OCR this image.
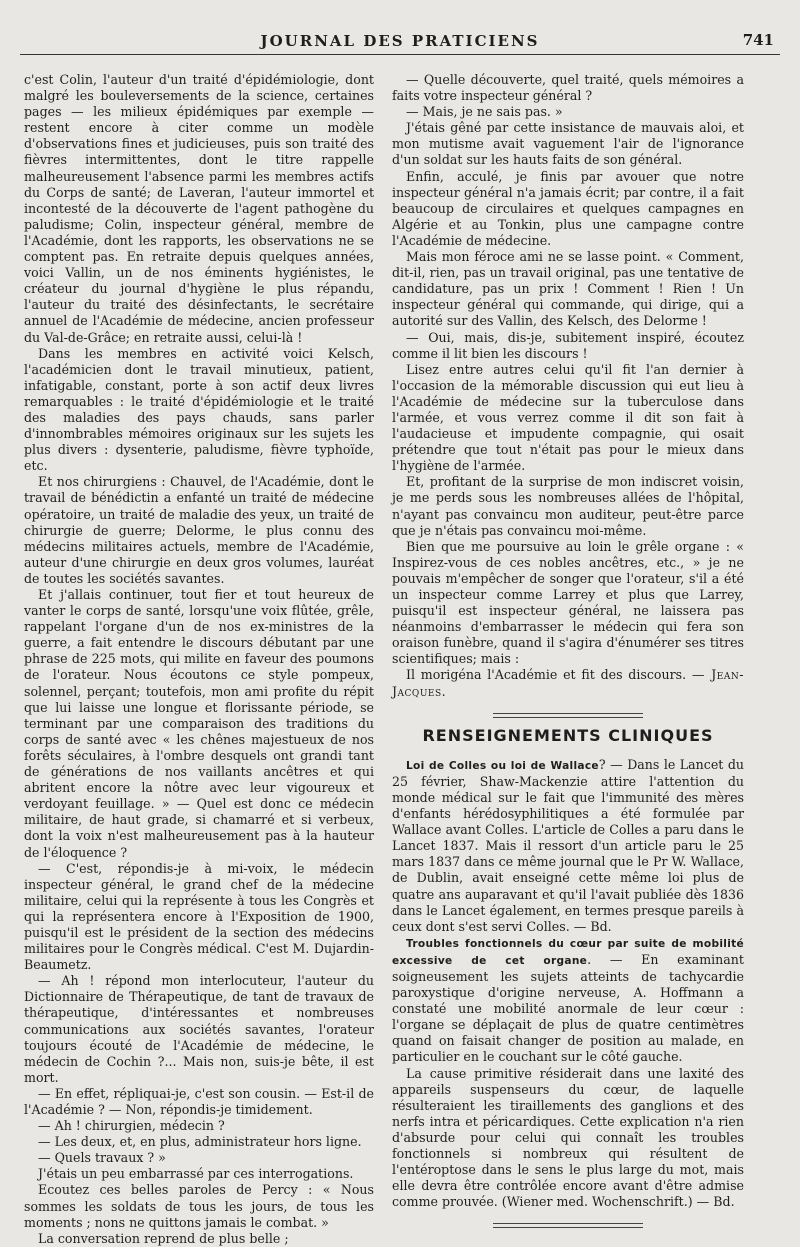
JOURNAL DES PRATICIENS	741

c'est Colin, l'auteur d'un traité d'épidémiologie, dont malgré les bouleversements de la science, certaines pages — les milieux épidémiques par exemple — restent encore à citer comme un modèle d'observations fines et judicieuses, puis son traité des fièvres intermittentes, dont le titre rappelle malheureusement l'absence parmi les membres actifs du Corps de santé; de Laveran, l'auteur immortel et incontesté de la découverte de l'agent pathogène du paludisme; Colin, inspecteur général, membre de l'Académie, dont les rapports, les observations ne se comptent pas. En retraite depuis quelques années, voici Vallin, un de nos éminents hygiénistes, le créateur du journal d'hygiène le plus répandu, l'auteur du traité des désinfectants, le secrétaire annuel de l'Académie de médecine, ancien professeur du Val-de-Grâce; en retraite aussi, celui-là !

Dans les membres en activité voici Kelsch, l'académicien dont le travail minutieux, patient, infatigable, constant, porte à son actif deux livres remarquables : le traité d'épidémiologie et le traité des maladies des pays chauds, sans parler d'innombrables mémoires originaux sur les sujets les plus divers : dysenterie, paludisme, fièvre typhoïde, etc.

Et nos chirurgiens : Chauvel, de l'Académie, dont le travail de bénédictin a enfanté un traité de médecine opératoire, un traité de maladie des yeux, un traité de chirurgie de guerre; Delorme, le plus connu des médecins militaires actuels, membre de l'Académie, auteur d'une chirurgie en deux gros volumes, lauréat de toutes les sociétés savantes.

Et j'allais continuer, tout fier et tout heureux de vanter le corps de santé, lorsqu'une voix flûtée, grêle, rappelant l'organe d'un de nos ex-ministres de la guerre, a fait entendre le discours débutant par une phrase de 225 mots, qui milite en faveur des poumons de l'orateur. Nous écoutons ce style pompeux, solennel, perçant; toutefois, mon ami profite du répit que lui laisse une longue et florissante période, se terminant par une comparaison des traditions du corps de santé avec « les chênes majestueux de nos forêts séculaires, à l'ombre desquels ont grandi tant de générations de nos vaillants ancêtres et qui abritent encore la nôtre avec leur vigoureux et verdoyant feuillage. » — Quel est donc ce médecin militaire, de haut grade, si chamarré et si verbeux, dont la voix n'est malheureusement pas à la hauteur de l'éloquence ?

— C'est, répondis-je à mi-voix, le médecin inspecteur général, le grand chef de la médecine militaire, celui qui la représente à tous les Congrès et qui la représentera encore à l'Exposition de 1900, puisqu'il est le président de la section des médecins militaires pour le Congrès médical. C'est M. Dujardin-Beaumetz.

— Ah ! répond mon interlocuteur, l'auteur du Dictionnaire de Thérapeutique, de tant de travaux de thérapeutique, d'intéressantes et nombreuses communications aux sociétés savantes, l'orateur toujours écouté de l'Académie de médecine, le médecin de Cochin ?... Mais non, suis-je bête, il est mort.

— En effet, répliquai-je, c'est son cousin. — Est-il de l'Académie ? — Non, répondis-je timidement.

— Ah ! chirurgien, médecin ?

— Les deux, et, en plus, administrateur hors ligne.

— Quels travaux ? »

J'étais un peu embarrassé par ces interrogations.

Ecoutez ces belles paroles de Percy : « Nous sommes les soldats de tous les jours, de tous les moments ; nons ne quittons jamais le combat. »

La conversation reprend de plus belle ;

— Quelle découverte, quel traité, quels mémoires a faits votre inspecteur général ?

— Mais, je ne sais pas. »

J'étais gêné par cette insistance de mauvais aloi, et mon mutisme avait vaguement l'air de l'ignorance d'un soldat sur les hauts faits de son général.

Enfin, acculé, je finis par avouer que notre inspecteur général n'a jamais écrit; par contre, il a fait beaucoup de circulaires et quelques campagnes en Algérie et au Tonkin, plus une campagne contre l'Académie de médecine.

Mais mon féroce ami ne se lasse point. « Comment, dit-il, rien, pas un travail original, pas une tentative de candidature, pas un prix ! Comment ! Rien ! Un inspecteur général qui commande, qui dirige, qui a autorité sur des Vallin, des Kelsch, des Delorme !

— Oui, mais, dis-je, subitement inspiré, écoutez comme il lit bien les discours !

Lisez entre autres celui qu'il fit l'an dernier à l'occasion de la mémorable discussion qui eut lieu à l'Académie de médecine sur la tuberculose dans l'armée, et vous verrez comme il dit son fait à l'audacieuse et impudente compagnie, qui osait prétendre que tout n'était pas pour le mieux dans l'hygiène de l'armée.

Et, profitant de la surprise de mon indiscret voisin, je me perds sous les nombreuses allées de l'hôpital, n'ayant pas convaincu mon auditeur, peut-être parce que je n'étais pas convaincu moi-même.

Bien que me poursuive au loin le grêle organe : « Inspirez-vous de ces nobles ancêtres, etc., » je ne pouvais m'empêcher de songer que l'orateur, s'il a été un inspecteur comme Larrey et plus que Larrey, puisqu'il est inspecteur général, ne laissera pas néanmoins d'embarrasser le médecin qui fera son oraison funèbre, quand il s'agira d'énumérer ses titres scientifiques; mais :

Il morigéna l'Académie et fit des discours. — Jean-Jacques.

RENSEIGNEMENTS CLINIQUES

Loi de Colles ou loi de Wallace? — Dans le Lancet du 25 février, Shaw-Mackenzie attire l'attention du monde médical sur le fait que l'immunité des mères d'enfants hérédosyphilitiques a été formulée par Wallace avant Colles. L'article de Colles a paru dans le Lancet 1837. Mais il ressort d'un article paru le 25 mars 1837 dans ce même journal que le Pr W. Wallace, de Dublin, avait enseigné cette même loi plus de quatre ans auparavant et qu'il l'avait publiée dès 1836 dans le Lancet également, en termes presque pareils à ceux dont s'est servi Colles. — Bd.

Troubles fonctionnels du cœur par suite de mobilité excessive de cet organe. — En examinant soigneusement les sujets atteints de tachycardie paroxystique d'origine nerveuse, A. Hoffmann a constaté une mobilité anormale de leur cœur : l'organe se déplaçait de plus de quatre centimètres quand on faisait changer de position au malade, en particulier en le couchant sur le côté gauche.

La cause primitive résiderait dans une laxité des appareils suspenseurs du cœur, de laquelle résulteraient les tiraillements des ganglions et des nerfs intra et péricardiques. Cette explication n'a rien d'absurde pour celui qui connaît les troubles fonctionnels si nombreux qui résultent de l'entéroptose dans le sens le plus large du mot, mais elle devra être contrôlée encore avant d'être admise comme prouvée. (Wiener med. Wochenschrift.) — Bd.
